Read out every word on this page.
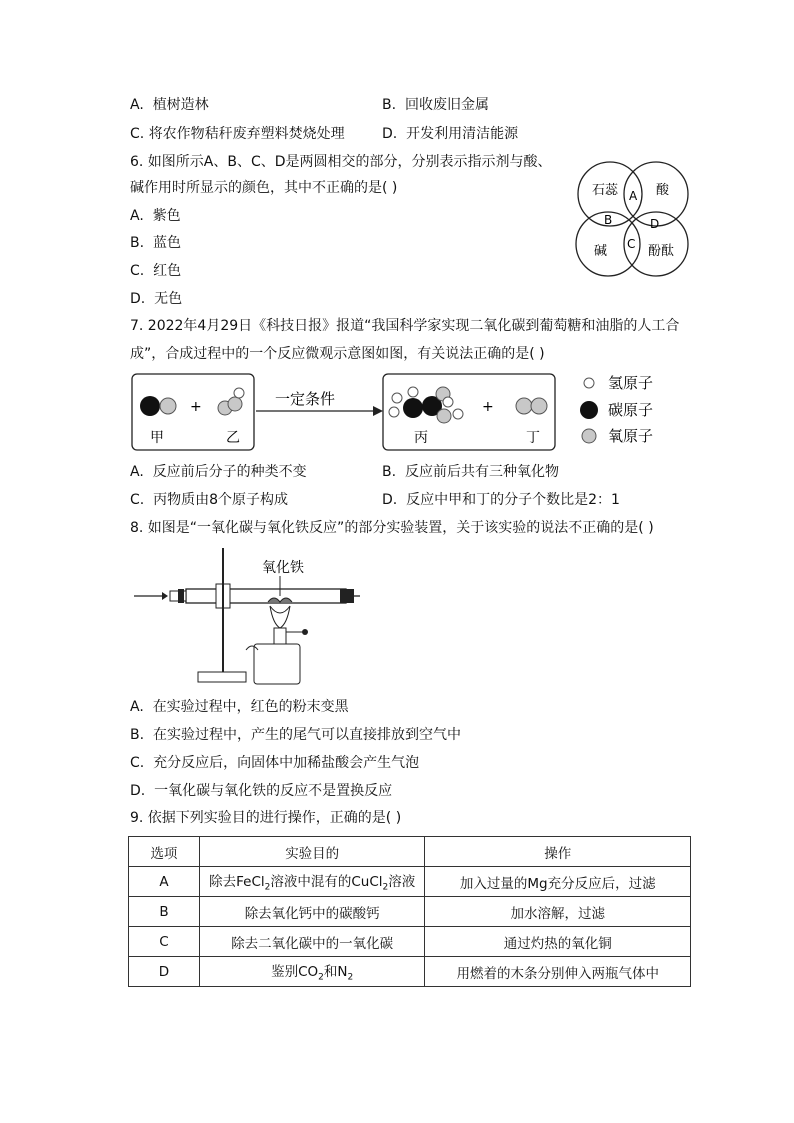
A. 植树造林	B. 回收废旧金属
C. 将农作物秸秆废弃塑料焚烧处理	D. 开发利用清洁能源
6. 如图所示A、B、C、D是两圆相交的部分，分别表示指示剂与酸、
碱作用时所显示的颜色，其中不正确的是( )
A. 紫色
B. 蓝色
C. 红色
D. 无色
石蕊	酸
碱	酚酞
A
B	D
C
7. 2022年4月29日《科技日报》报道“我国科学家实现二氧化碳到葡萄糖和油脂的人工合
成”，合成过程中的一个反应微观示意图如图，有关说法正确的是( )
+
甲	乙
一定条件	+
丙	丁
氢原子
碳原子
氧原子
A. 反应前后分子的种类不变	B. 反应前后共有三种氧化物
C. 丙物质由8个原子构成	D. 反应中甲和丁的分子个数比是2：1
8. 如图是“一氧化碳与氧化铁反应”的部分实验装置，关于该实验的说法不正确的是( )
氧化铁
A. 在实验过程中，红色的粉末变黑
B. 在实验过程中，产生的尾气可以直接排放到空气中
C. 充分反应后，向固体中加稀盐酸会产生气泡
D. 一氧化碳与氧化铁的反应不是置换反应
9. 依据下列实验目的进行操作，正确的是( )
选项	实验目的	操作
A	除去FeCl$_2$溶液中混有的CuCl$_2$溶液	加入过量的Mg充分反应后，过滤
B	除去氧化钙中的碳酸钙	加水溶解，过滤
C	除去二氧化碳中的一氧化碳	通过灼热的氧化铜
D	鉴别$CO_2$和$N_2$	用燃着的木条分别伸入两瓶气体中
